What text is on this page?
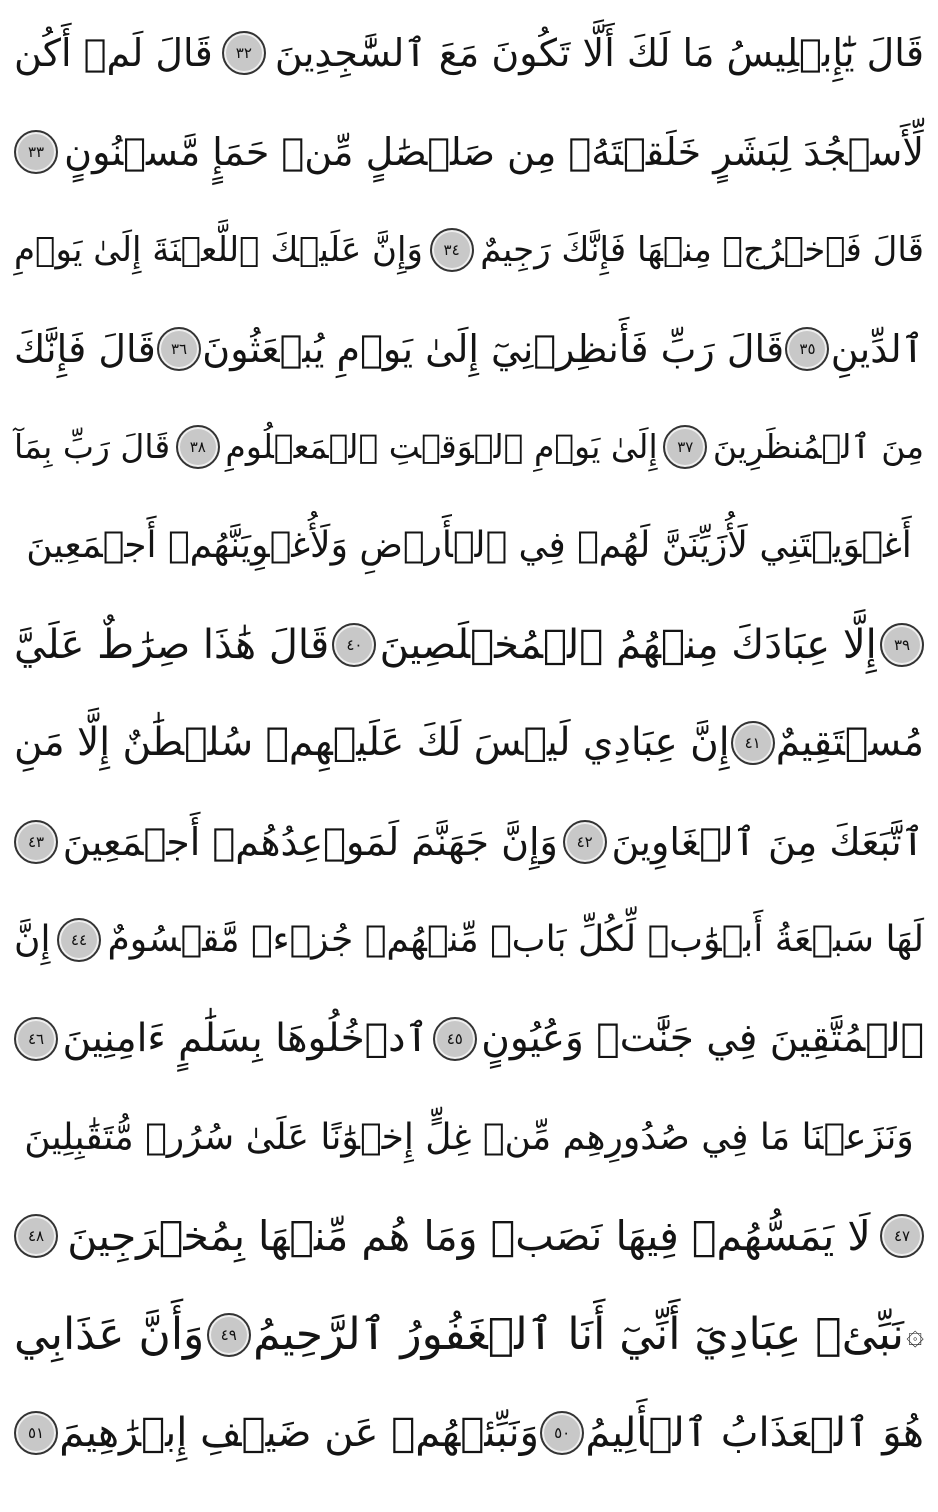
قَالَ يَٰٓإِبۡلِيسُ مَا لَكَ أَلَّا تَكُونَ مَعَ ٱلسَّٰجِدِينَ
٣٢
قَالَ لَمۡ أَكُن
لِّأَسۡجُدَ لِبَشَرٍ خَلَقۡتَهُۥ مِن صَلۡصَٰلٍ مِّنۡ حَمَإٍ مَّسۡنُونٍ
٣٣
قَالَ فَٱخۡرُجۡ مِنۡهَا فَإِنَّكَ رَجِيمٌ
٣٤
وَإِنَّ عَلَيۡكَ ٱللَّعۡنَةَ إِلَىٰ يَوۡمِ
ٱلدِّينِ
٣٥
قَالَ رَبِّ فَأَنظِرۡنِيٓ إِلَىٰ يَوۡمِ يُبۡعَثُونَ
٣٦
قَالَ فَإِنَّكَ
مِنَ ٱلۡمُنظَرِينَ
٣٧
إِلَىٰ يَوۡمِ ٱلۡوَقۡتِ ٱلۡمَعۡلُومِ
٣٨
قَالَ رَبِّ بِمَآ
أَغۡوَيۡتَنِي لَأُزَيِّنَنَّ لَهُمۡ فِي ٱلۡأَرۡضِ وَلَأُغۡوِيَنَّهُمۡ أَجۡمَعِينَ
٣٩
إِلَّا عِبَادَكَ مِنۡهُمُ ٱلۡمُخۡلَصِينَ
٤٠
قَالَ هَٰذَا صِرَٰطٌ عَلَيَّ
مُسۡتَقِيمٌ
٤١
إِنَّ عِبَادِي لَيۡسَ لَكَ عَلَيۡهِمۡ سُلۡطَٰنٌ إِلَّا مَنِ
ٱتَّبَعَكَ مِنَ ٱلۡغَاوِينَ
٤٢
وَإِنَّ جَهَنَّمَ لَمَوۡعِدُهُمۡ أَجۡمَعِينَ
٤٣
لَهَا سَبۡعَةُ أَبۡوَٰبٖ لِّكُلِّ بَابٖ مِّنۡهُمۡ جُزۡءٞ مَّقۡسُومٌ
٤٤
إِنَّ
ٱلۡمُتَّقِينَ فِي جَنَّٰتٖ وَعُيُونٍ
٤٥
ٱدۡخُلُوهَا بِسَلَٰمٍ ءَامِنِينَ
٤٦
وَنَزَعۡنَا مَا فِي صُدُورِهِم مِّنۡ غِلٍّ إِخۡوَٰنًا عَلَىٰ سُرُرٖ مُّتَقَٰبِلِينَ
٤٧
لَا يَمَسُّهُمۡ فِيهَا نَصَبٞ وَمَا هُم مِّنۡهَا بِمُخۡرَجِينَ
٤٨
۞
نَبِّئۡ عِبَادِيٓ أَنِّيٓ أَنَا ٱلۡغَفُورُ ٱلرَّحِيمُ
٤٩
وَأَنَّ عَذَابِي
هُوَ ٱلۡعَذَابُ ٱلۡأَلِيمُ
٥٠
وَنَبِّئۡهُمۡ عَن ضَيۡفِ إِبۡرَٰهِيمَ
٥١
